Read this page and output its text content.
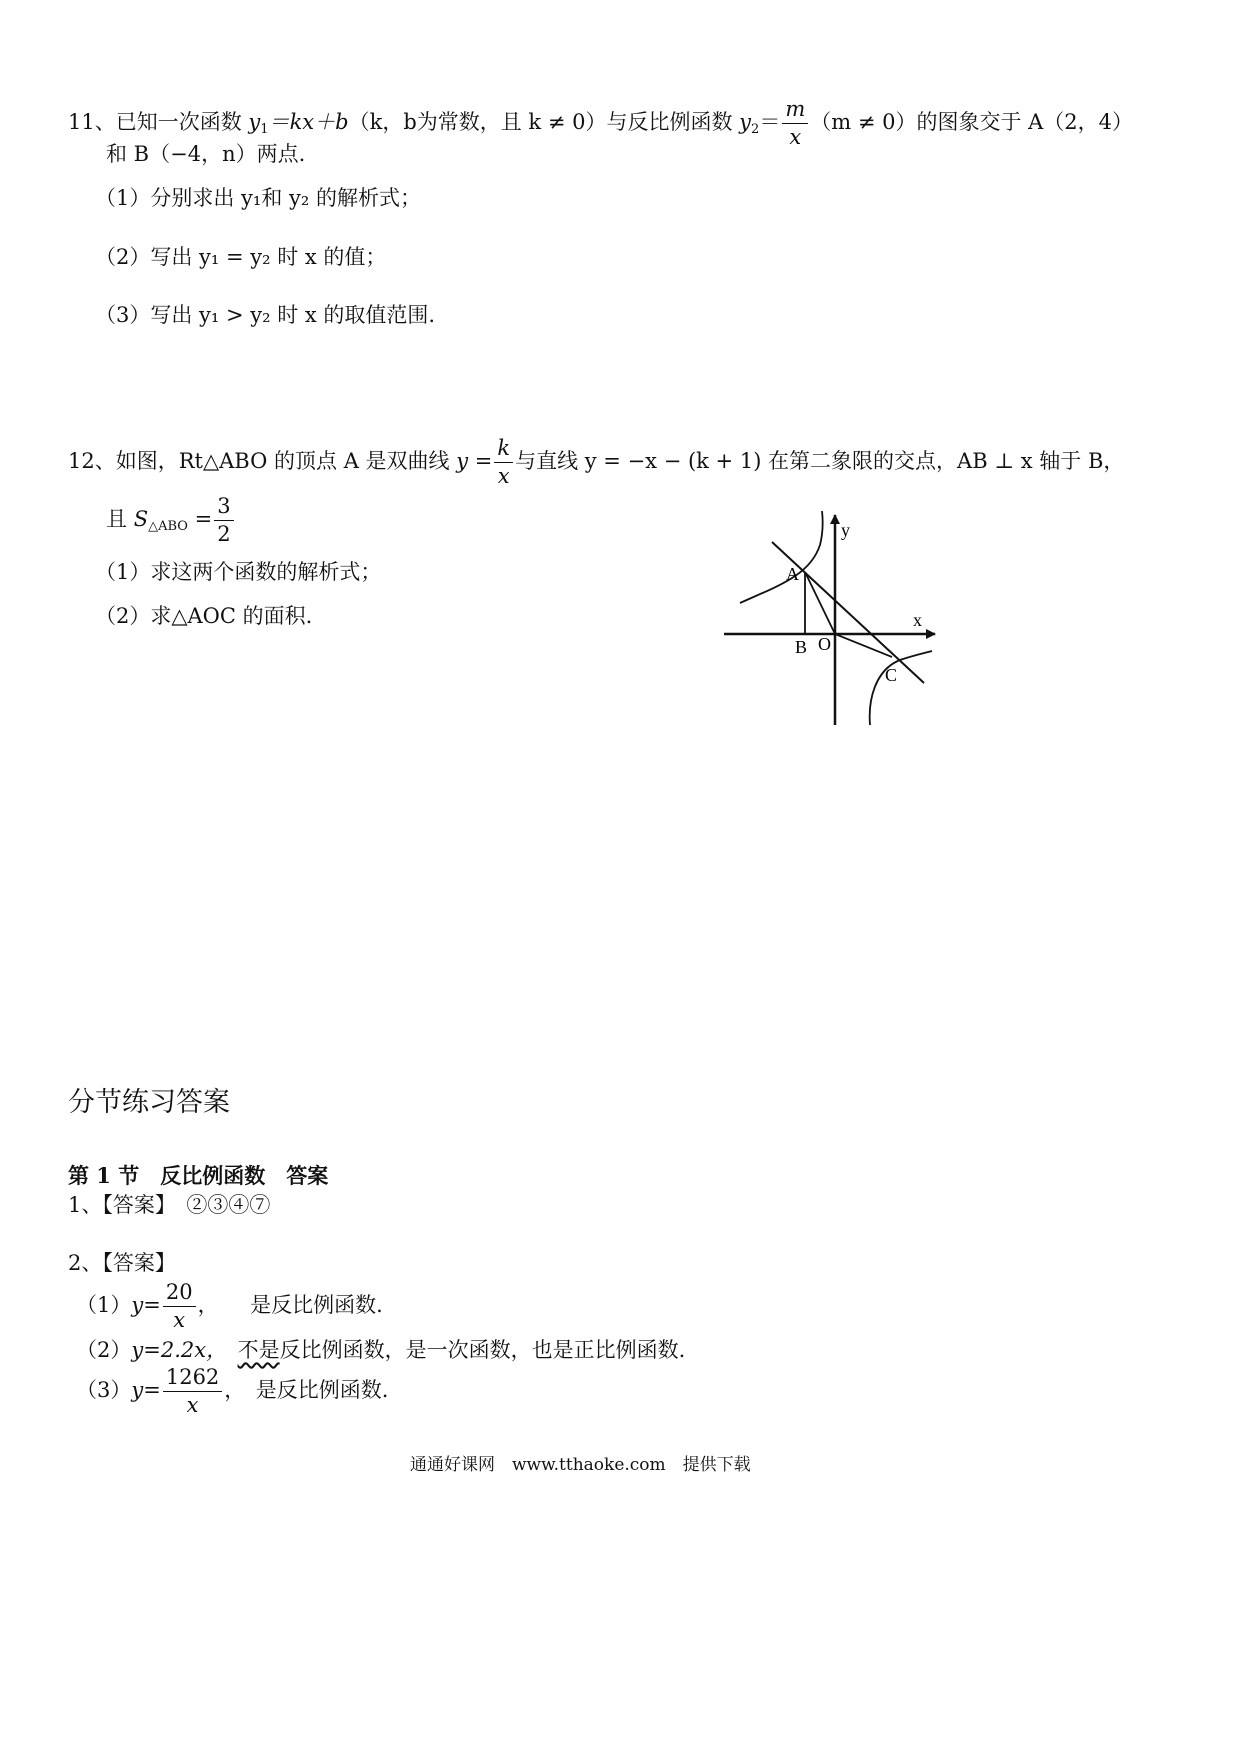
11、已知一次函数 $y_1=kx+b(k$，b为常数，且 k ≠ 0）与反比例函数 $y_2= \frac{m}{x} (m \ne 0)$的图象交于 A（2，4）
和 B（−4，n）两点.
（1）分别求出 y₁和 y₂ 的解析式；
（2）写出 y₁ = y₂ 时 x 的值；
（3）写出 y₁ > y₂ 时 x 的取值范围.
12、如图，Rt△ABO 的顶点 A 是双曲线 $y = \frac{k}{x}$ 与直线 y = −x − (k + 1) 在第二象限的交点，AB ⊥ x 轴于 B，
且 $S_{\triangle ABO} = \frac{3}{2}$
（1）求这两个函数的解析式；
（2）求△AOC 的面积.
y
x
A
B O
C
分节练习答案
第 1 节　反比例函数　答案
1、【答案】　②③④⑦
2、【答案】
$(1)y= \frac{20}{x}$ ，　　是反比例函数.
（2）y=2.2x，　 不是反比例函数，是一次函数，也是正比例函数.
$(3)y= \frac{1262}{x}$ ，　是反比例函数.
通通好课网　www.tthaoke.com　提供下载
